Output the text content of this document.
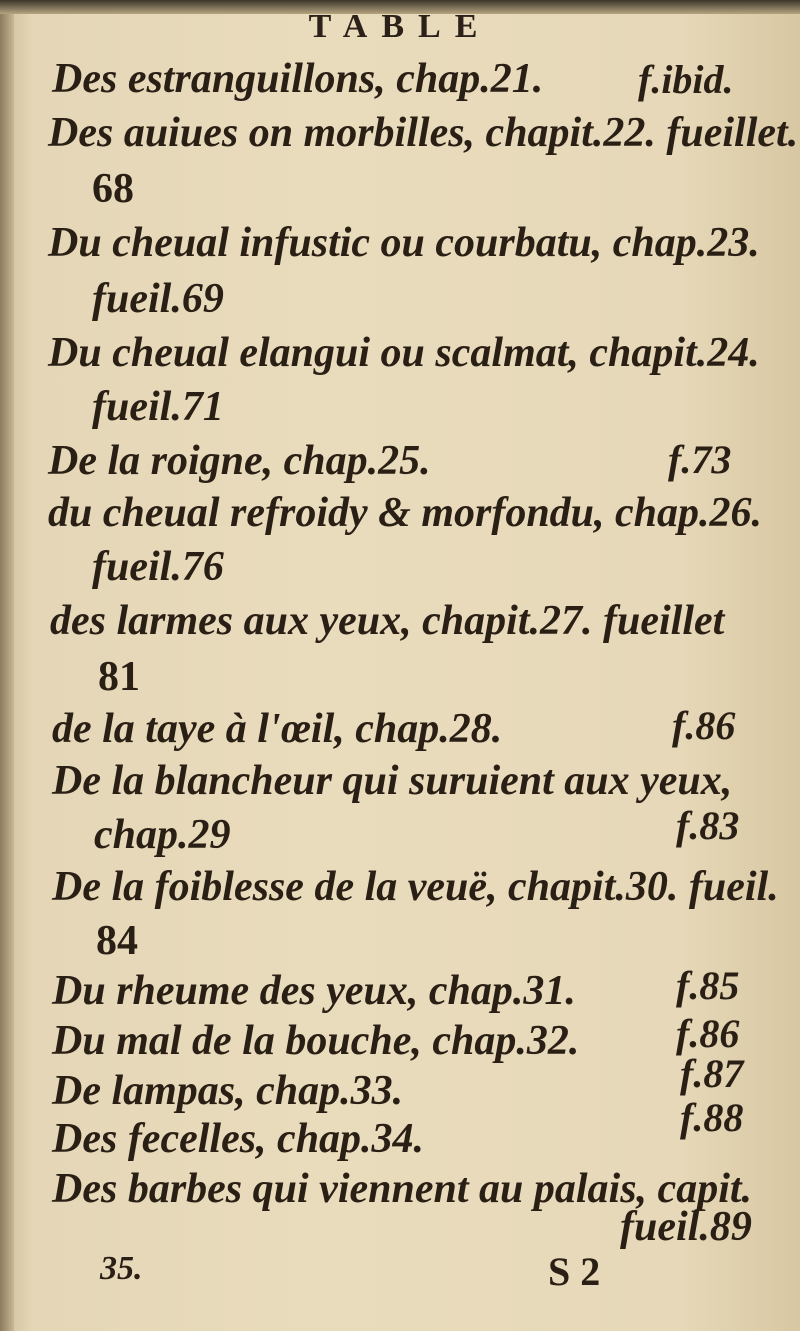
TABLE
Des estranguillons, chap.21. f.ibid.
Des auiues on morbilles, chapit.22. fueillet.
68
Du cheual infustic ou courbatu, chap.23.
fueil.69
Du cheual elangui ou scalmat, chapit.24.
fueil.71
De la roigne, chap.25.	f.73
du cheual refroidy & morfondu, chap.26.
fueil.76
des larmes aux yeux, chapit.27. fueillet
81
de la taye à l'œil, chap.28.	f.86
De la blancheur qui suruient aux yeux,
chap.29	f.83
De la foiblesse de la veuë, chapit.30. fueil.
84
Du rheume des yeux, chap.31.	f.85
Du mal de la bouche, chap.32. f.86
De lampas, chap.33.	f.87
Des fecelles, chap.34.	f.88
Des barbes qui viennent au palais, capit.
fueil.89
35.	S 2
